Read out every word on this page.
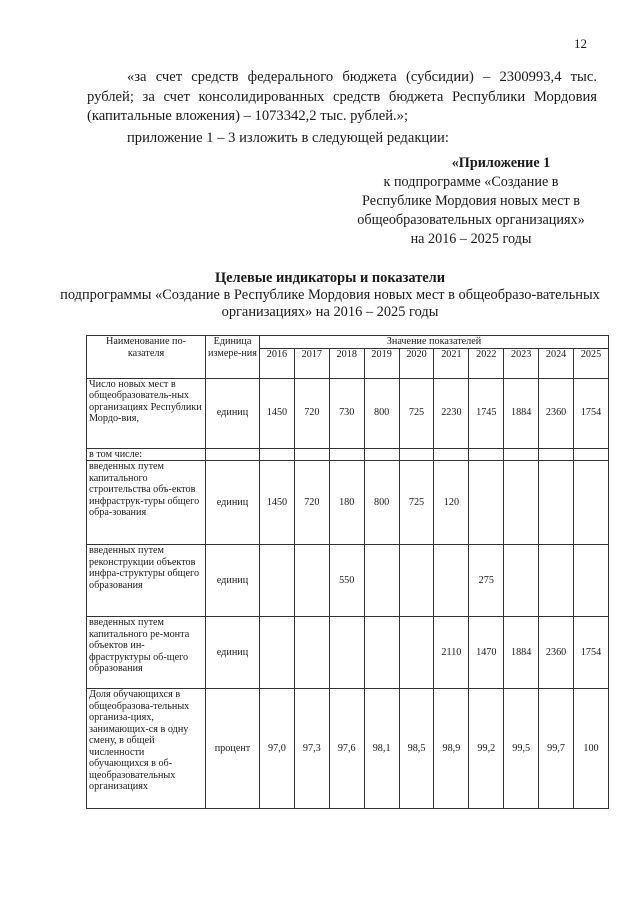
12
«за счет средств федерального бюджета (субсидии) – 2300993,4 тыс. рублей; за счет консолидированных средств бюджета Республики Мордовия (капитальные вложения) – 1073342,2 тыс. рублей.»;
приложение 1 – 3 изложить в следующей редакции:
«Приложение 1
к подпрограмме «Создание в
Республике Мордовия новых мест в
общеобразовательных организациях»
на 2016 – 2025 годы
Целевые индикаторы и показатели
подпрограммы «Создание в Республике Мордовия новых мест в общеобразо-вательных организациях» на 2016 – 2025 годы
Наименование по-казателя	Единица измере-ния	Значение показателей									
		2016	2017	2018	2019	2020	2021	2022	2023	2024	2025
Число новых мест в общеобразователь-ных организациях Республики Мордо-вия,	единиц	1450	720	730	800	725	2230	1745	1884	2360	1754
в том числе:											
введенных путем капитального строительства объ-ектов инфраструк-туры общего обра-зования	единиц	1450	720	180	800	725	120				
введенных путем реконструкции объектов инфра-структуры общего образования	единиц			550				275			
введенных путем капитального ре-монта объектов ин-фраструктуры об-щего образования	единиц						2110	1470	1884	2360	1754
Доля обучающихся в общеобразова-тельных организа-циях, занимающих-ся в одну смену, в общей численности обучающихся в об-щеобразовательных организациях	процент	97,0	97,3	97,6	98,1	98,5	98,9	99,2	99,5	99,7	100
